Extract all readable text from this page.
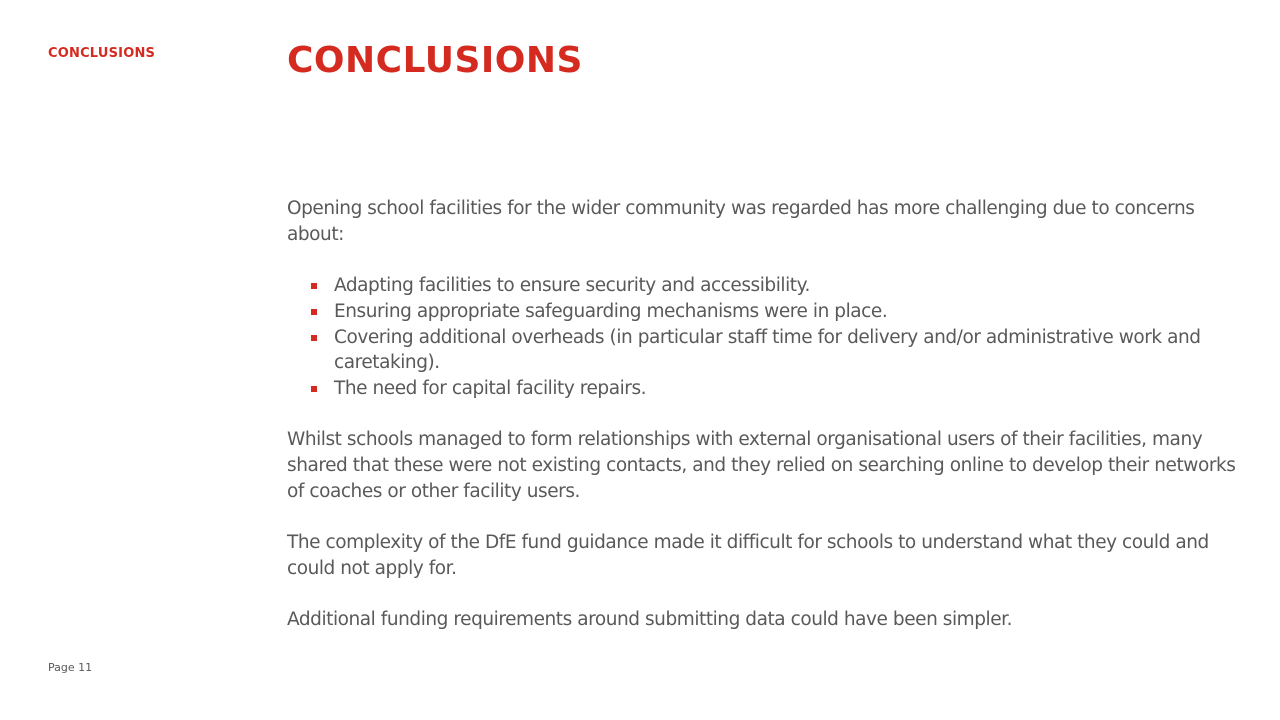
CONCLUSIONS	CONCLUSIONS

Opening school facilities for the wider community was regarded has more challenging due to concerns about:

Adapting facilities to ensure security and accessibility.
Ensuring appropriate safeguarding mechanisms were in place.
Covering additional overheads (in particular staff time for delivery and/or administrative work and caretaking).
The need for capital facility repairs.

Whilst schools managed to form relationships with external organisational users of their facilities, many shared that these were not existing contacts, and they relied on searching online to develop their networks of coaches or other facility users.

The complexity of the DfE fund guidance made it difficult for schools to understand what they could and could not apply for.

Additional funding requirements around submitting data could have been simpler.

Page 11
